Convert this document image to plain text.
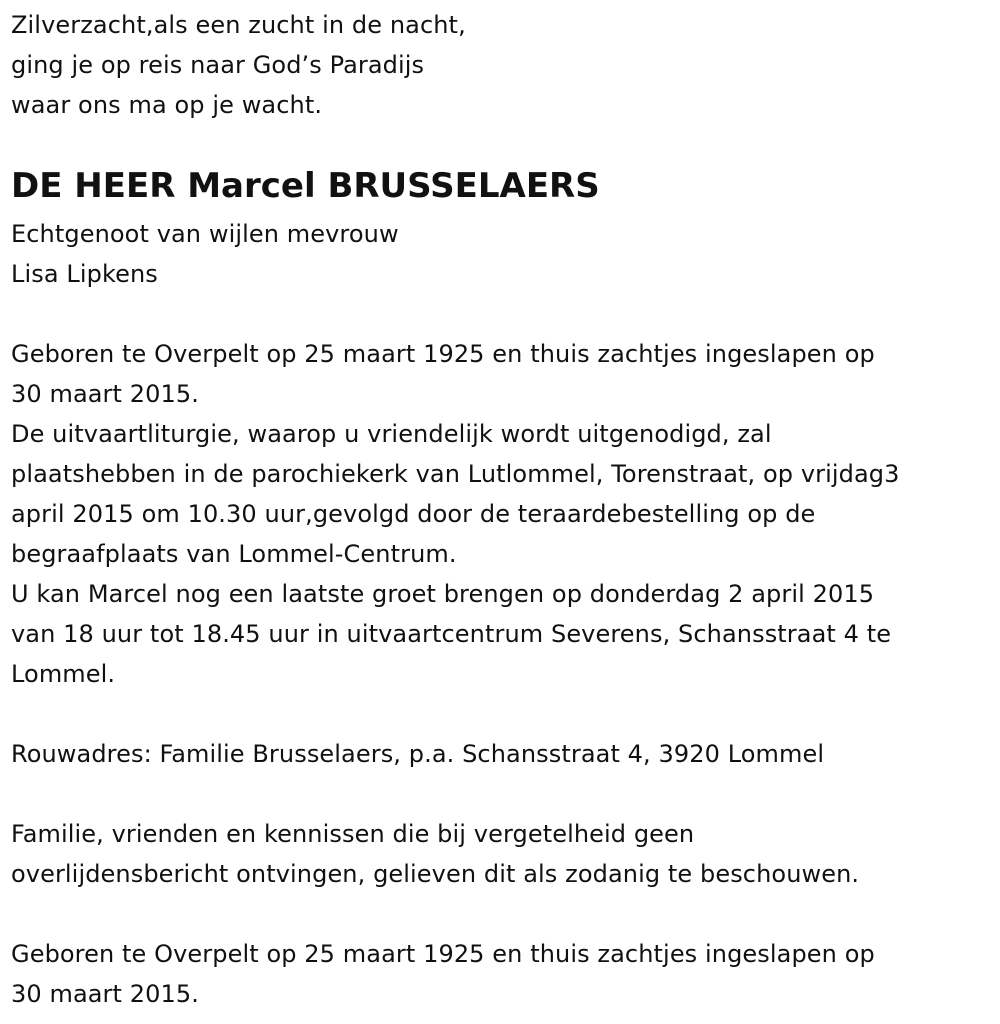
Zilverzacht,als een zucht in de nacht,
ging je op reis naar God’s Paradijs
waar ons ma op je wacht.
DE HEER Marcel BRUSSELAERS
Echtgenoot van wijlen mevrouw
Lisa Lipkens
Geboren te Overpelt op 25 maart 1925 en thuis zachtjes ingeslapen op
30 maart 2015.
De uitvaartliturgie, waarop u vriendelijk wordt uitgenodigd, zal
plaatshebben in de parochiekerk van Lutlommel, Torenstraat, op vrijdag3
april 2015 om 10.30 uur,gevolgd door de teraardebestelling op de
begraafplaats van Lommel-Centrum.
U kan Marcel nog een laatste groet brengen op donderdag 2 april 2015
van 18 uur tot 18.45 uur in uitvaartcentrum Severens, Schansstraat 4 te
Lommel.
Rouwadres: Familie Brusselaers, p.a. Schansstraat 4, 3920 Lommel
Familie, vrienden en kennissen die bij vergetelheid geen
overlijdensbericht ontvingen, gelieven dit als zodanig te beschouwen.
Geboren te Overpelt op 25 maart 1925 en thuis zachtjes ingeslapen op
30 maart 2015.
